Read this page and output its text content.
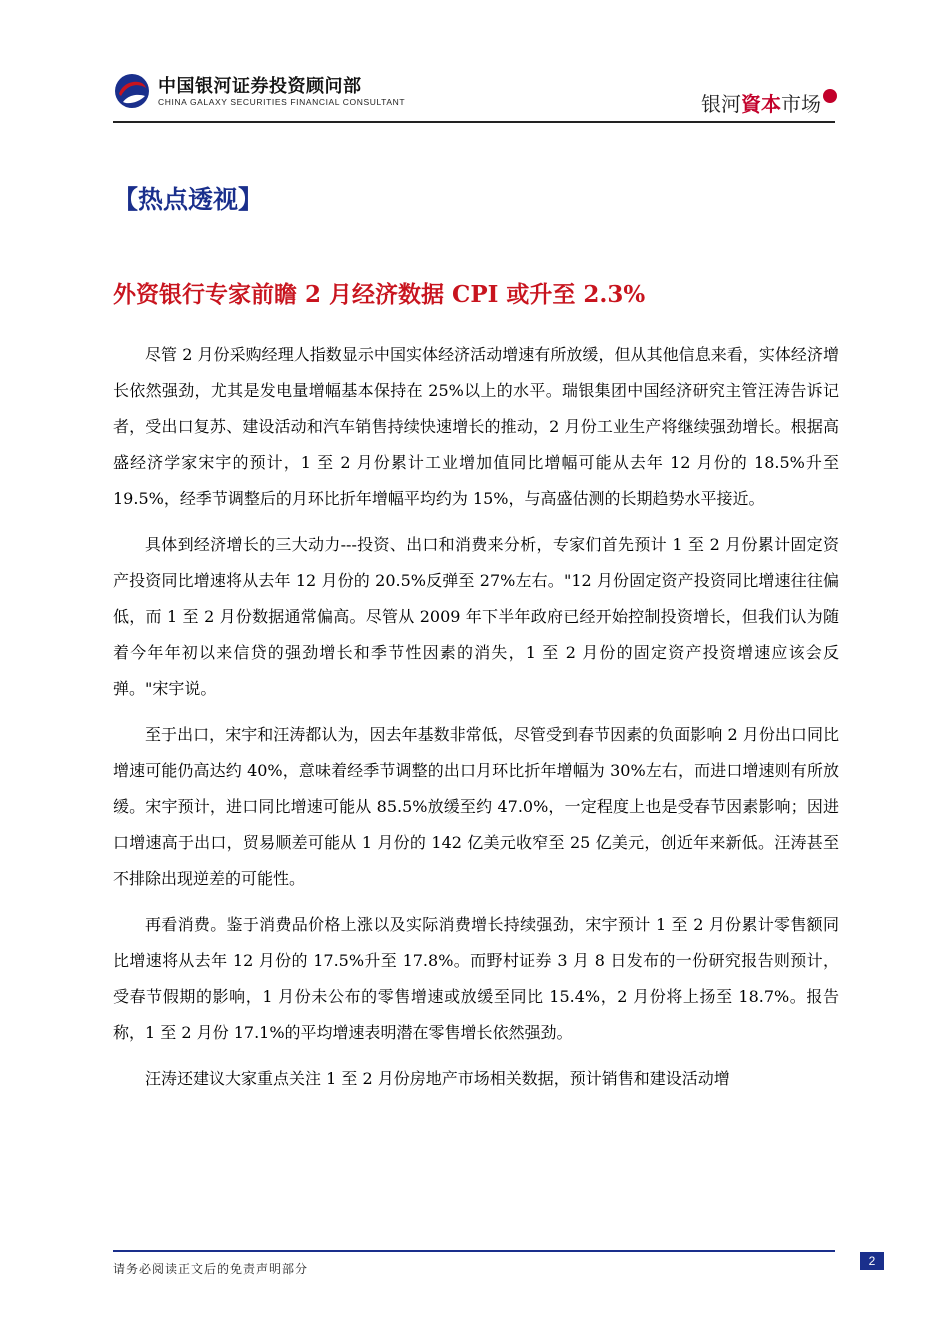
中国银河证券投资顾问部
CHINA GALAXY SECURITIES FINANCIAL CONSULTANT	银河資本市场
【热点透视】
外资银行专家前瞻 2 月经济数据 CPI 或升至 2.3%

尽管 2 月份采购经理人指数显示中国实体经济活动增速有所放缓，但从其他信息来看，实体经济增长依然强劲，尤其是发电量增幅基本保持在 25%以上的水平。瑞银集团中国经济研究主管汪涛告诉记者，受出口复苏、建设活动和汽车销售持续快速增长的推动，2 月份工业生产将继续强劲增长。根据高盛经济学家宋宇的预计，1 至 2 月份累计工业增加值同比增幅可能从去年 12 月份的 18.5%升至 19.5%，经季节调整后的月环比折年增幅平均约为 15%，与高盛估测的长期趋势水平接近。

具体到经济增长的三大动力---投资、出口和消费来分析，专家们首先预计 1 至 2 月份累计固定资产投资同比增速将从去年 12 月份的 20.5%反弹至 27%左右。"12 月份固定资产投资同比增速往往偏低，而 1 至 2 月份数据通常偏高。尽管从 2009 年下半年政府已经开始控制投资增长，但我们认为随着今年年初以来信贷的强劲增长和季节性因素的消失，1 至 2 月份的固定资产投资增速应该会反弹。"宋宇说。

至于出口，宋宇和汪涛都认为，因去年基数非常低，尽管受到春节因素的负面影响 2 月份出口同比增速可能仍高达约 40%，意味着经季节调整的出口月环比折年增幅为 30%左右，而进口增速则有所放缓。宋宇预计，进口同比增速可能从 85.5%放缓至约 47.0%，一定程度上也是受春节因素影响；因进口增速高于出口，贸易顺差可能从 1 月份的 142 亿美元收窄至 25 亿美元，创近年来新低。汪涛甚至不排除出现逆差的可能性。

再看消费。鉴于消费品价格上涨以及实际消费增长持续强劲，宋宇预计 1 至 2 月份累计零售额同比增速将从去年 12 月份的 17.5%升至 17.8%。而野村证券 3 月 8 日发布的一份研究报告则预计，受春节假期的影响，1 月份未公布的零售增速或放缓至同比 15.4%，2 月份将上扬至 18.7%。报告称，1 至 2 月份 17.1%的平均增速表明潜在零售增长依然强劲。

汪涛还建议大家重点关注 1 至 2 月份房地产市场相关数据，预计销售和建设活动增

请务必阅读正文后的免责声明部分
2
